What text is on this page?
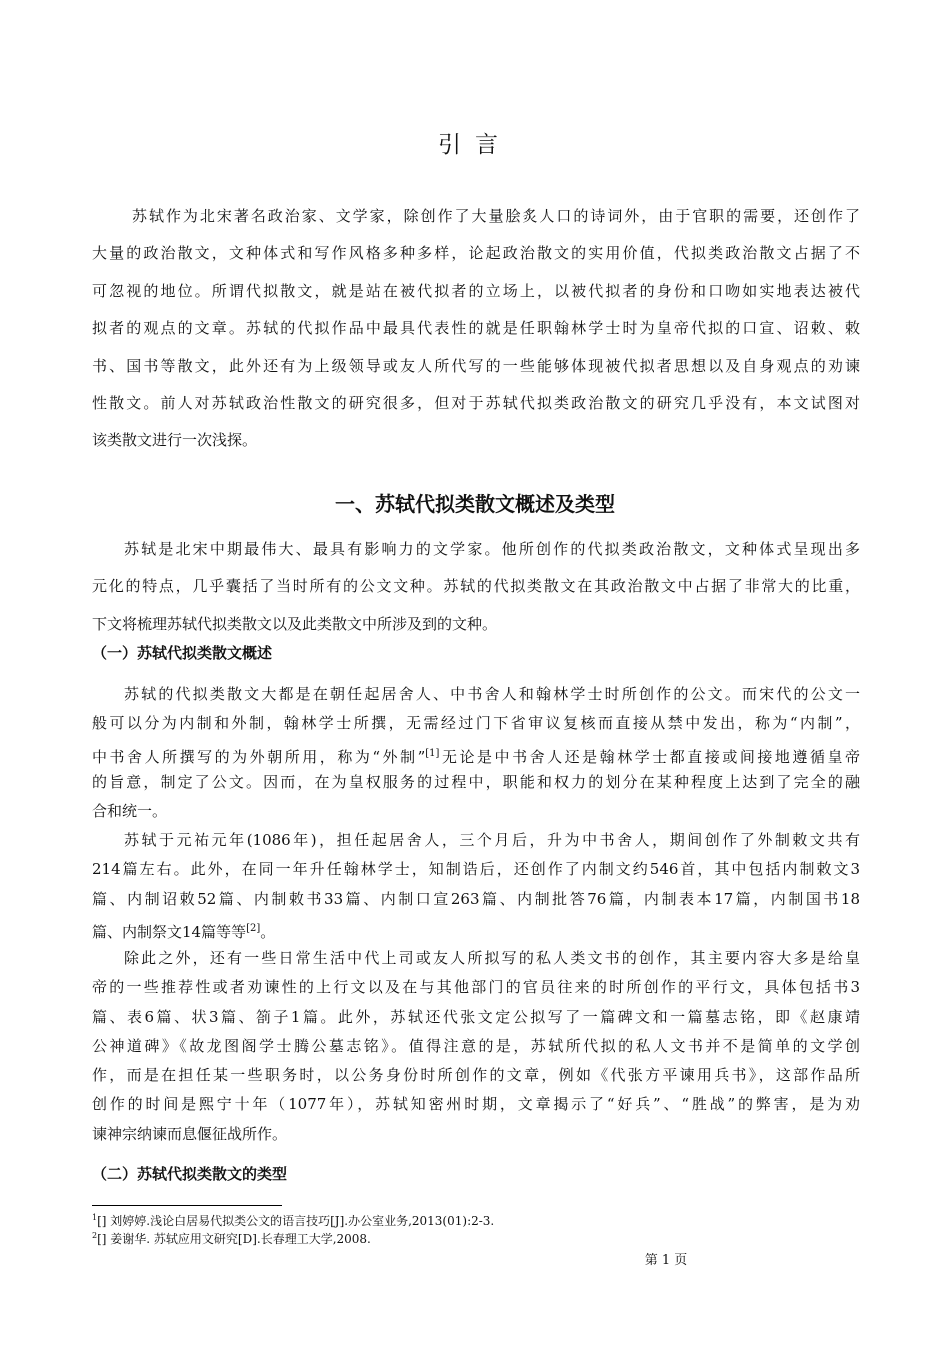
引言
苏轼作为北宋著名政治家、文学家，除创作了大量脍炙人口的诗词外，由于官职的需要，还创作了
大量的政治散文，文种体式和写作风格多种多样，论起政治散文的实用价值，代拟类政治散文占据了不
可忽视的地位。所谓代拟散文，就是站在被代拟者的立场上，以被代拟者的身份和口吻如实地表达被代
拟者的观点的文章。苏轼的代拟作品中最具代表性的就是任职翰林学士时为皇帝代拟的口宣、诏敕、敕
书、国书等散文，此外还有为上级领导或友人所代写的一些能够体现被代拟者思想以及自身观点的劝谏
性散文。前人对苏轼政治性散文的研究很多，但对于苏轼代拟类政治散文的研究几乎没有，本文试图对
该类散文进行一次浅探。
一、苏轼代拟类散文概述及类型
苏轼是北宋中期最伟大、最具有影响力的文学家。他所创作的代拟类政治散文，文种体式呈现出多
元化的特点，几乎囊括了当时所有的公文文种。苏轼的代拟类散文在其政治散文中占据了非常大的比重，
下文将梳理苏轼代拟类散文以及此类散文中所涉及到的文种。
（一）苏轼代拟类散文概述
苏轼的代拟类散文大都是在朝任起居舍人、中书舍人和翰林学士时所创作的公文。而宋代的公文一
般可以分为内制和外制，翰林学士所撰，无需经过门下省审议复核而直接从禁中发出，称为“内制”，
中书舍人所撰写的为外朝所用，称为“外制”[1]无论是中书舍人还是翰林学士都直接或间接地遵循皇帝
的旨意，制定了公文。因而，在为皇权服务的过程中，职能和权力的划分在某种程度上达到了完全的融
合和统一。
苏轼于元祐元年(1086年)，担任起居舍人，三个月后，升为中书舍人，期间创作了外制敕文共有
214篇左右。此外，在同一年升任翰林学士，知制诰后，还创作了内制文约546首，其中包括内制敕文3
篇、内制诏敕52篇、内制敕书33篇、内制口宣263篇、内制批答76篇，内制表本17篇，内制国书18
篇、内制祭文14篇等等[2]。
除此之外，还有一些日常生活中代上司或友人所拟写的私人类文书的创作，其主要内容大多是给皇
帝的一些推荐性或者劝谏性的上行文以及在与其他部门的官员往来的时所创作的平行文，具体包括书3
篇、表6篇、状3篇、箚子1篇。此外，苏轼还代张文定公拟写了一篇碑文和一篇墓志铭，即《赵康靖
公神道碑》《故龙图阁学士腾公墓志铭》。值得注意的是，苏轼所代拟的私人文书并不是简单的文学创
作，而是在担任某一些职务时，以公务身份时所创作的文章，例如《代张方平谏用兵书》，这部作品所
创作的时间是熙宁十年（1077年），苏轼知密州时期，文章揭示了“好兵”、“胜战”的弊害，是为劝
谏神宗纳谏而息偃征战所作。
（二）苏轼代拟类散文的类型
$^1$[] 刘婷婷.浅论白居易代拟类公文的语言技巧[J].办公室业务,2013(01):2-3.
$^2$[] 姜谢华. 苏轼应用文研究[D].长春理工大学,2008.
第 1 页
